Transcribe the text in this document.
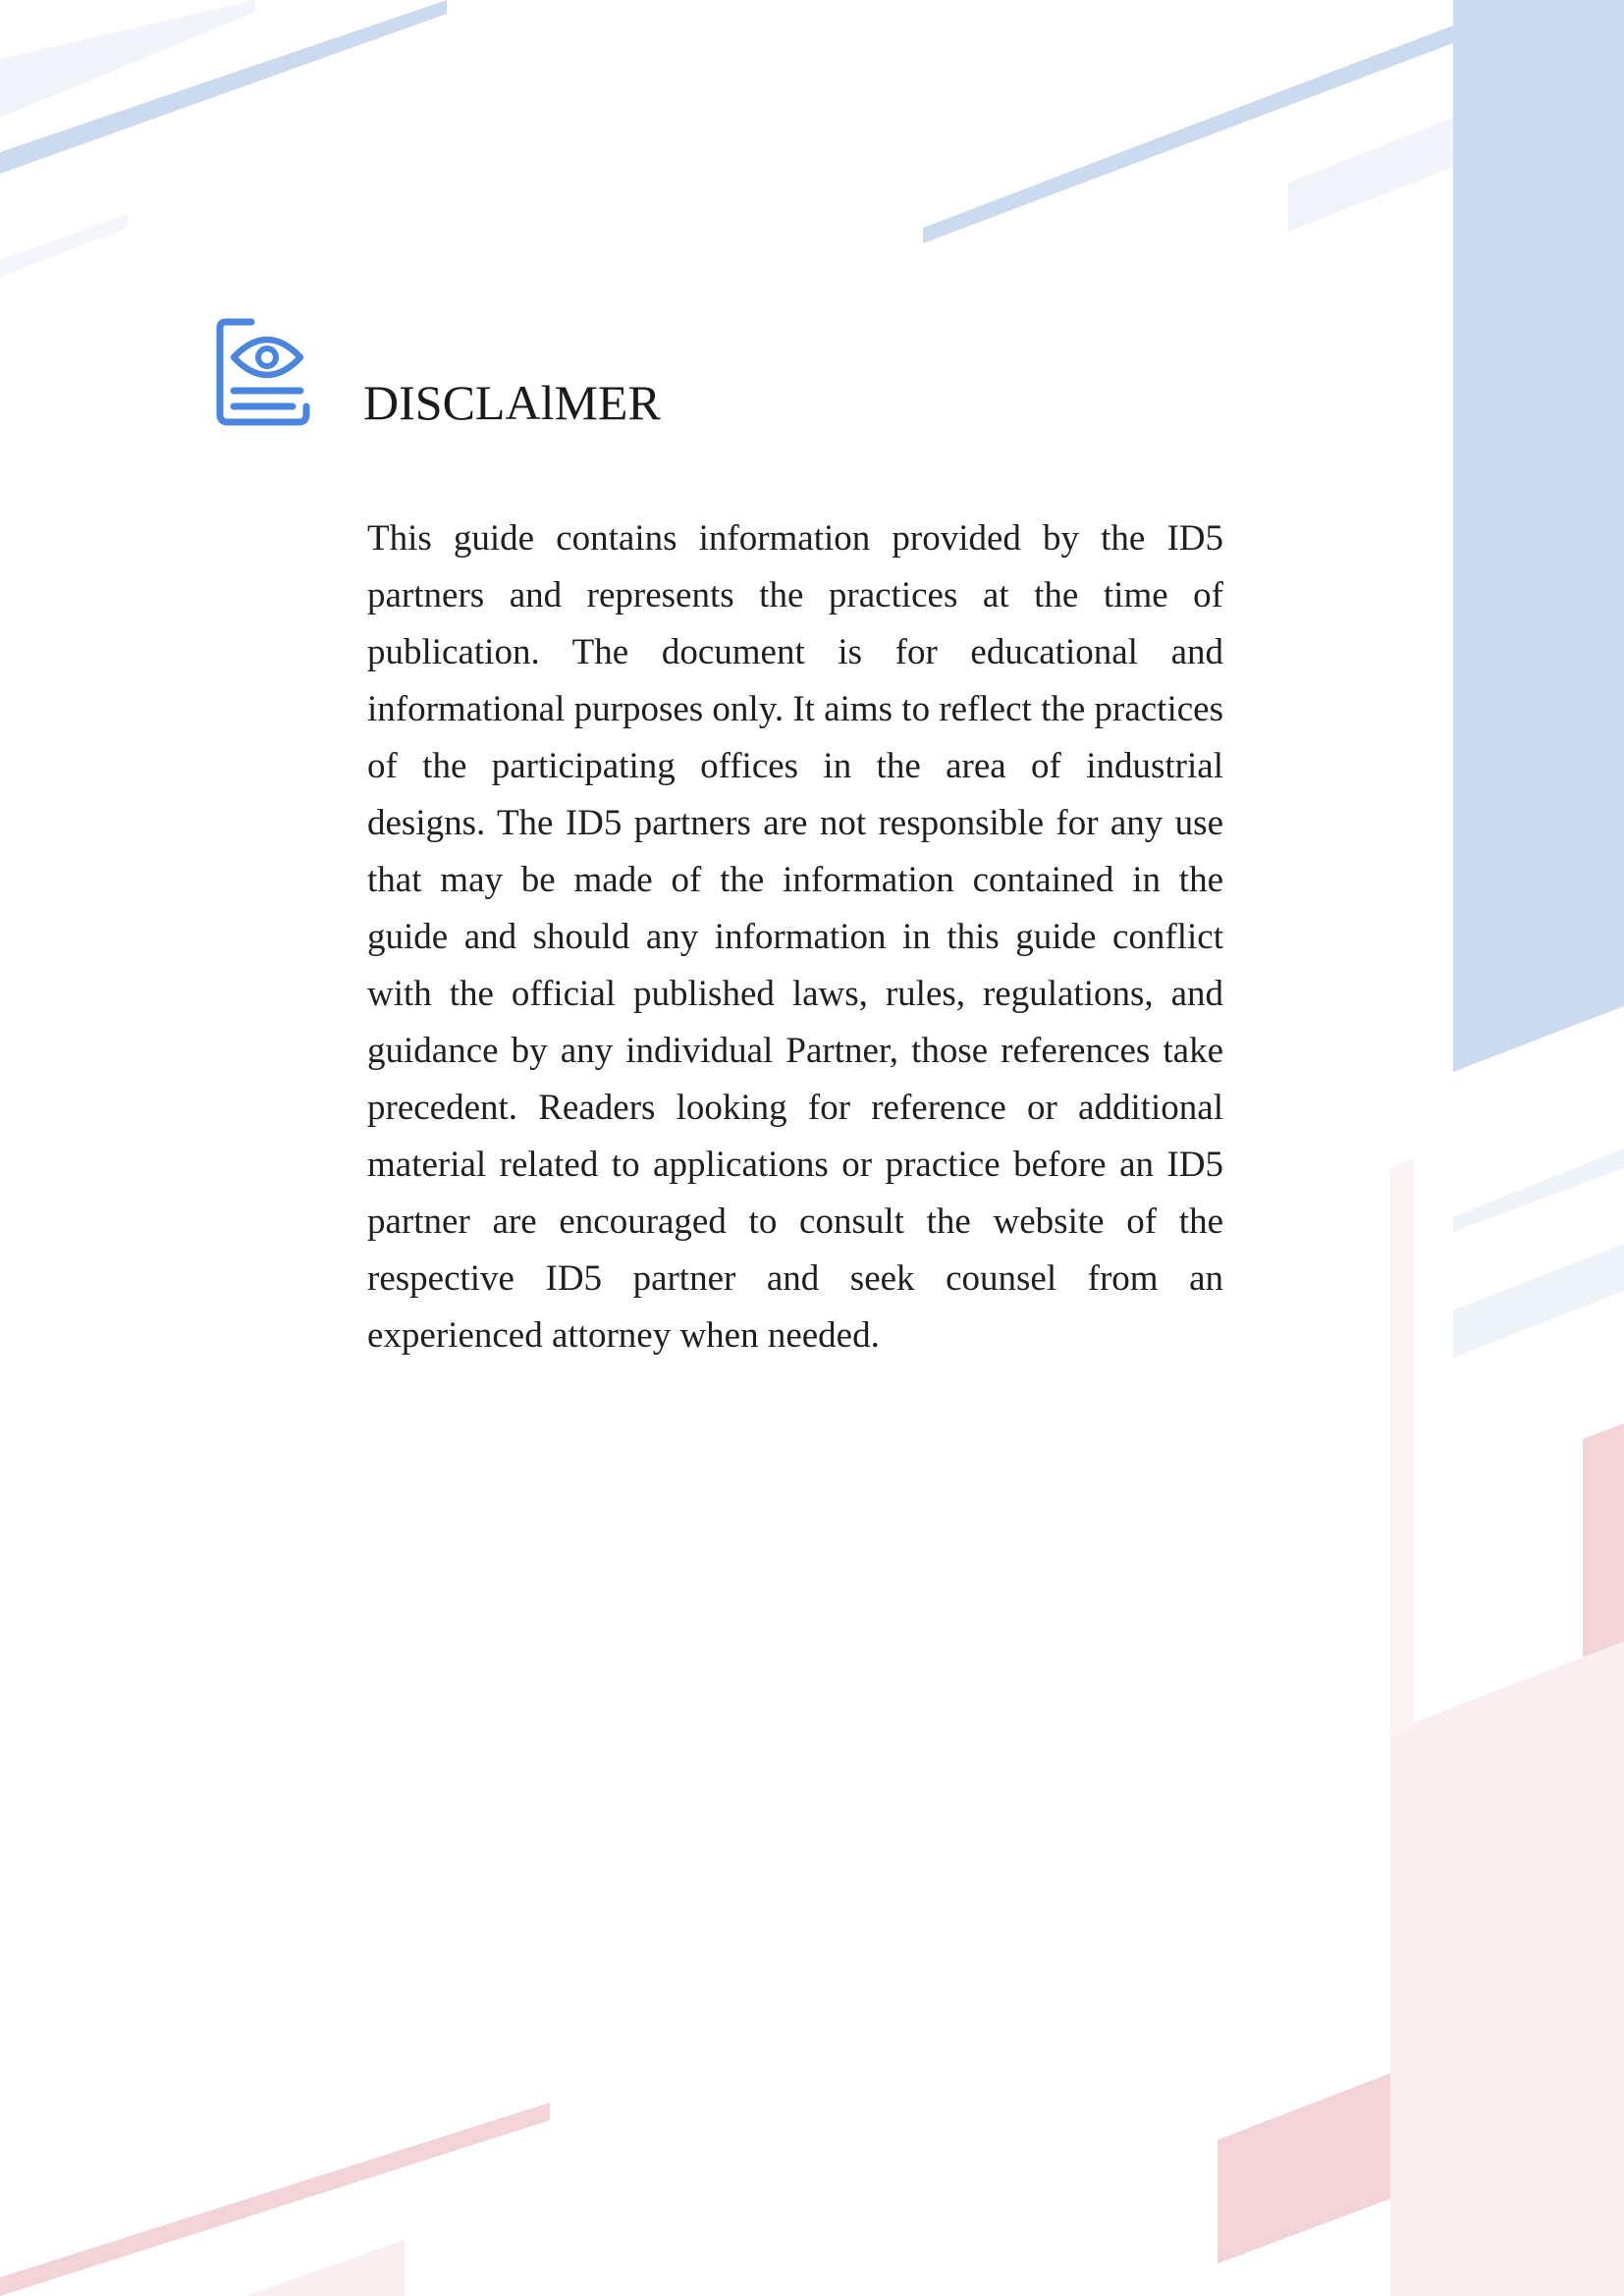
DISCLAlMER

This guide contains information provided by the ID5 partners and represents the practices at the time of publication. The document is for educational and informational purposes only. It aims to reflect the practices of the participating offices in the area of industrial designs. The ID5 partners are not responsible for any use that may be made of the information contained in the guide and should any information in this guide conflict with the official published laws, rules, regulations, and guidance by any individual Partner, those references take precedent. Readers looking for reference or additional material related to applications or practice before an ID5 partner are encouraged to consult the website of the respective ID5 partner and seek counsel from an experienced attorney when needed.
